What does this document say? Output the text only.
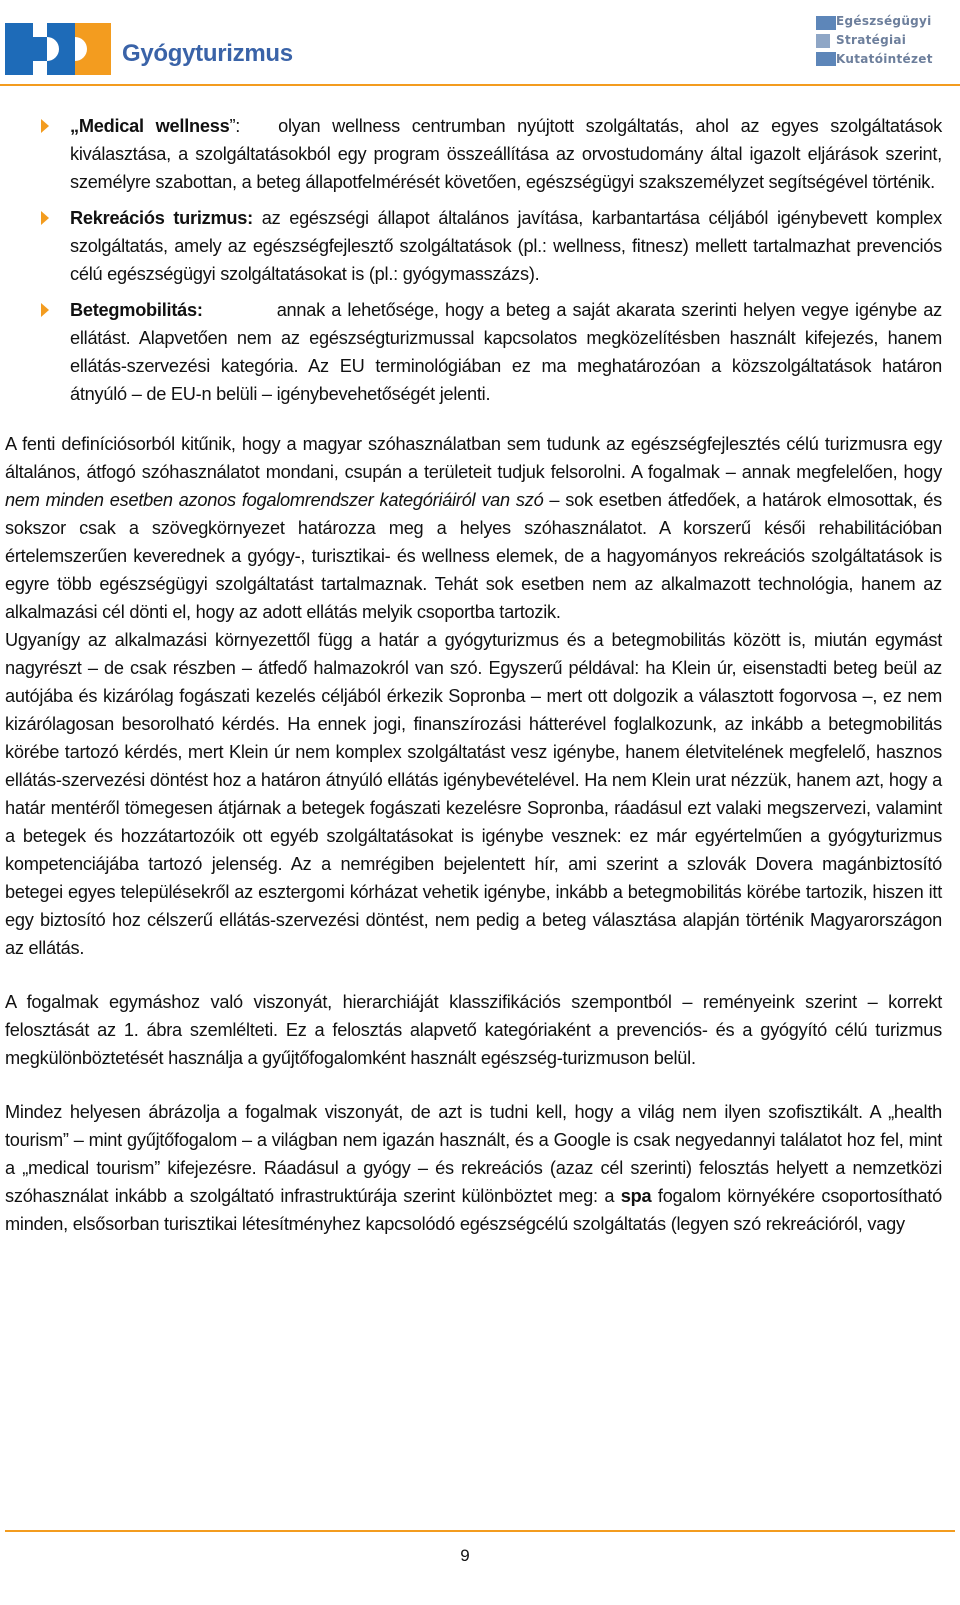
Gyógyturizmus
Egészségügyi
Stratégiai
Kutatóintézet
„Medical wellness”: olyan wellness centrumban nyújtott szolgáltatás, ahol az egyes szolgáltatások kiválasztása, a szolgáltatásokból egy program összeállítása az orvostudomány által igazolt eljárások szerint, személyre szabottan, a beteg állapotfelmérését követően, egészségügyi szakszemélyzet segítségével történik.
Rekreációs turizmus: az egészségi állapot általános javítása, karbantartása céljából igénybevett komplex szolgáltatás, amely az egészségfejlesztő szolgáltatások (pl.: wellness, fitnesz) mellett tartalmazhat prevenciós célú egészségügyi szolgáltatásokat is (pl.: gyógymasszázs).
Betegmobilitás:	annak a lehetősége, hogy a beteg a saját akarata szerinti helyen vegye igénybe az ellátást. Alapvetően nem az egészségturizmussal kapcsolatos megközelítésben használt kifejezés, hanem ellátás-szervezési kategória. Az EU terminológiában ez ma meghatározóan a közszolgáltatások határon átnyúló – de EU-n belüli – igénybevehetőségét jelenti.

A fenti definíciósorból kitűnik, hogy a magyar szóhasználatban sem tudunk az egészségfejlesztés célú turizmusra egy általános, átfogó szóhasználatot mondani, csupán a területeit tudjuk felsorolni. A fogalmak – annak megfelelően, hogy nem minden esetben azonos fogalomrendszer kategóriáiról van szó – sok esetben átfedőek, a határok elmosottak, és sokszor csak a szövegkörnyezet határozza meg a helyes szóhasználatot. A korszerű késői rehabilitációban értelemszerűen keverednek a gyógy-, turisztikai- és wellness elemek, de a hagyományos rekreációs szolgáltatások is egyre több egészségügyi szolgáltatást tartalmaznak. Tehát sok esetben nem az alkalmazott technológia, hanem az alkalmazási cél dönti el, hogy az adott ellátás melyik csoportba tartozik.

Ugyanígy az alkalmazási környezettől függ a határ a gyógyturizmus és a betegmobilitás között is, miután egymást nagyrészt – de csak részben – átfedő halmazokról van szó. Egyszerű példával: ha Klein úr, eisenstadti beteg beül az autójába és kizárólag fogászati kezelés céljából érkezik Sopronba – mert ott dolgozik a választott fogorvosa –, ez nem kizárólagosan besorolható kérdés. Ha ennek jogi, finanszírozási hátterével foglalkozunk, az inkább a betegmobilitás körébe tartozó kérdés, mert Klein úr nem komplex szolgáltatást vesz igénybe, hanem életvitelének megfelelő, hasznos ellátás-szervezési döntést hoz a határon átnyúló ellátás igénybevételével. Ha nem Klein urat nézzük, hanem azt, hogy a határ mentéről tömegesen átjárnak a betegek fogászati kezelésre Sopronba, ráadásul ezt valaki megszervezi, valamint a betegek és hozzátartozóik ott egyéb szolgáltatásokat is igénybe vesznek: ez már egyértelműen a gyógyturizmus kompetenciájába tartozó jelenség. Az a nemrégiben bejelentett hír, ami szerint a szlovák Dovera magánbiztosító betegei egyes településekről az esztergomi kórházat vehetik igénybe, inkább a betegmobilitás körébe tartozik, hiszen itt egy biztosító hoz célszerű ellátás-szervezési döntést, nem pedig a beteg választása alapján történik Magyarországon az ellátás.

A fogalmak egymáshoz való viszonyát, hierarchiáját klasszifikációs szempontból – reményeink szerint – korrekt felosztását az 1. ábra szemlélteti. Ez a felosztás alapvető kategóriaként a prevenciós- és a gyógyító célú turizmus megkülönböztetését használja a gyűjtőfogalomként használt egészség-turizmuson belül.

Mindez helyesen ábrázolja a fogalmak viszonyát, de azt is tudni kell, hogy a világ nem ilyen szofisztikált. A „health tourism” – mint gyűjtőfogalom – a világban nem igazán használt, és a Google is csak negyedannyi találatot hoz fel, mint a „medical tourism” kifejezésre. Ráadásul a gyógy – és rekreációs (azaz cél szerinti) felosztás helyett a nemzetközi szóhasználat inkább a szolgáltató infrastruktúrája szerint különböztet meg: a spa fogalom környékére csoportosítható minden, elsősorban turisztikai létesítményhez kapcsolódó egészségcélú szolgáltatás (legyen szó rekreációról, vagy

9
